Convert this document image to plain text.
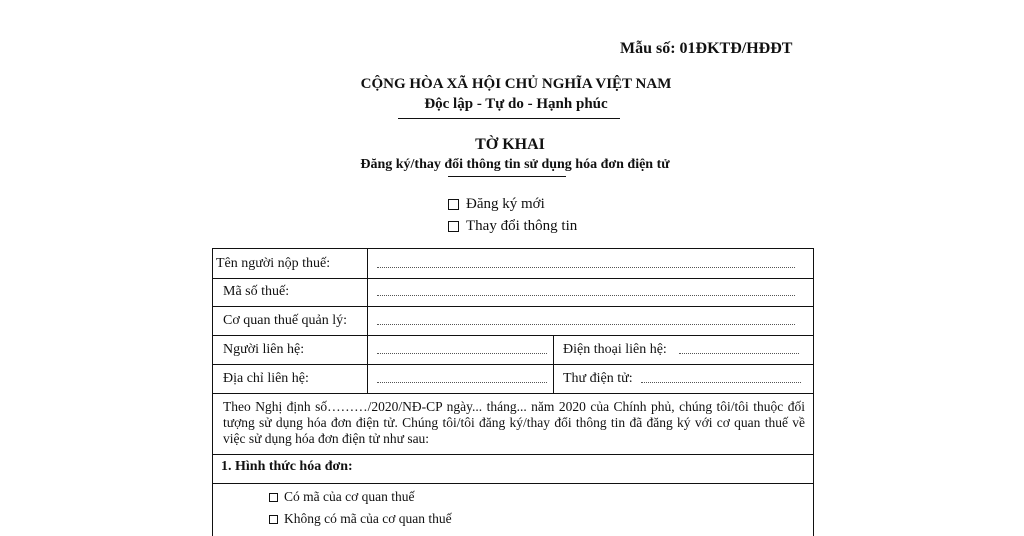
Mẫu số: 01ĐKTĐ/HĐĐT
CỘNG HÒA XÃ HỘI CHỦ NGHĨA VIỆT NAM
Độc lập - Tự do - Hạnh phúc
TỜ KHAI
Đăng ký/thay đổi thông tin sử dụng hóa đơn điện tử
Đăng ký mới
Thay đổi thông tin
Tên người nộp thuế:
Mã số thuế:
Cơ quan thuế quản lý:
Người liên hệ:	Điện thoại liên hệ:
Địa chỉ liên hệ:	Thư điện tử:
Theo Nghị định số………/2020/NĐ-CP ngày... tháng... năm 2020 của Chính phủ, chúng tôi/tôi thuộc đối tượng sử dụng hóa đơn điện tử. Chúng tôi/tôi đăng ký/thay đổi thông tin đã đăng ký với cơ quan thuế về việc sử dụng hóa đơn điện tử như sau:
1. Hình thức hóa đơn:
Có mã của cơ quan thuế
Không có mã của cơ quan thuế
